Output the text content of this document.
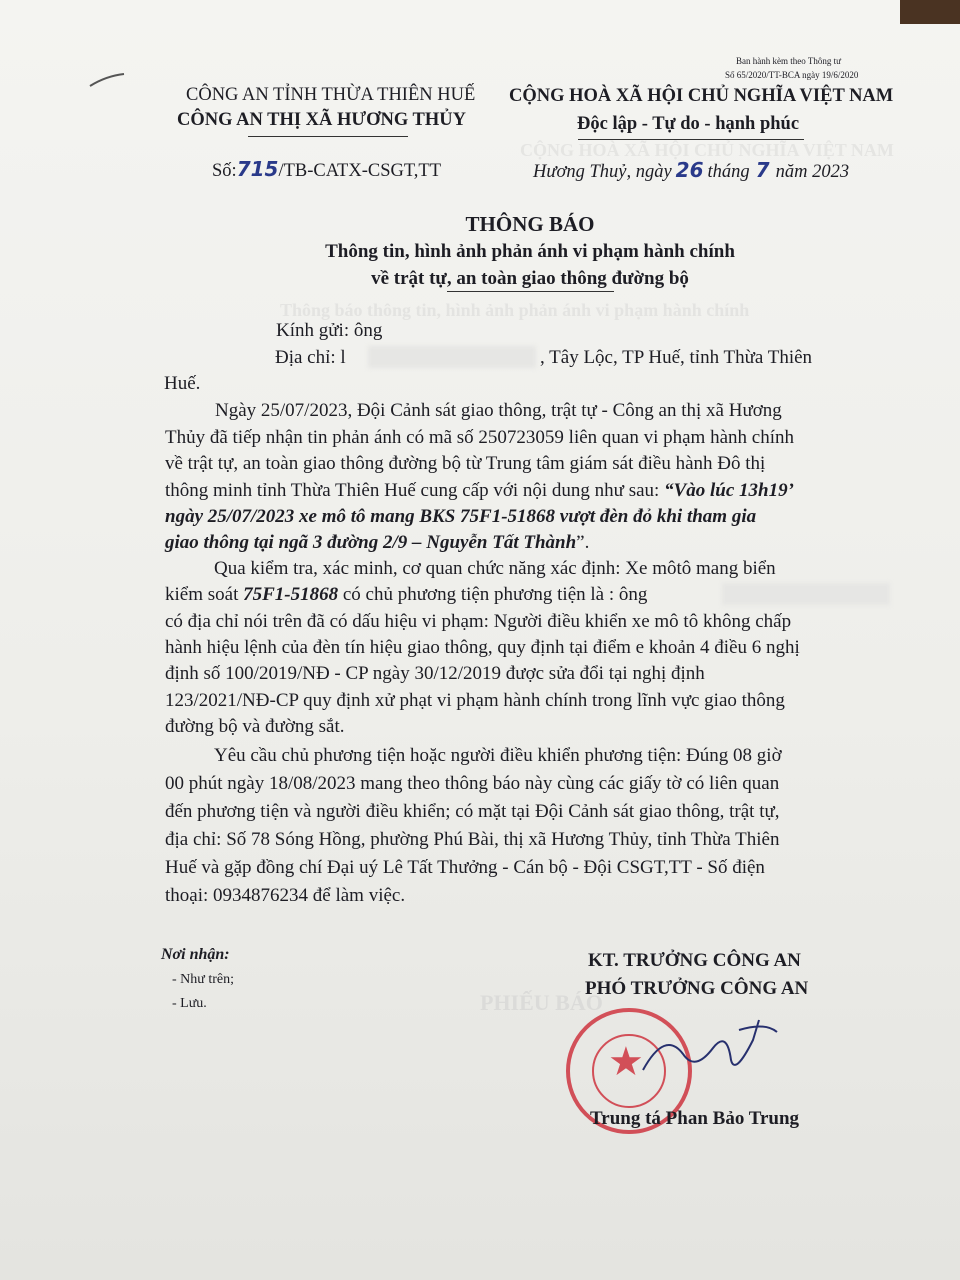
CỘNG HOÀ XÃ HỘI CHỦ NGHĨA VIỆT NAM
Thông báo thông tin, hình ảnh phản ánh vi phạm hành chính
PHIẾU BÁO
Ban hành kèm theo Thông tư
Số 65/2020/TT-BCA ngày 19/6/2020
CÔNG AN TỈNH THỪA THIÊN HUẾ
CÔNG AN THỊ XÃ HƯƠNG THỦY
Số:715/TB-CATX-CSGT,TT
CỘNG HOÀ XÃ HỘI CHỦ NGHĨA VIỆT NAM
Độc lập - Tự do - hạnh phúc
Hương Thuỷ, ngày 26 tháng 7 năm 2023
THÔNG BÁO
Thông tin, hình ảnh phản ánh vi phạm hành chính
về trật tự, an toàn giao thông đường bộ
Kính gửi: ông
Địa chỉ: l	, Tây Lộc, TP Huế, tỉnh Thừa Thiên
Huế.
Ngày 25/07/2023, Đội Cảnh sát giao thông, trật tự - Công an thị xã Hương
Thủy đã tiếp nhận tin phản ánh có mã số 250723059 liên quan vi phạm hành chính
về trật tự, an toàn giao thông đường bộ từ Trung tâm giám sát điều hành Đô thị
thông minh tỉnh Thừa Thiên Huế cung cấp với nội dung như sau: “Vào lúc 13h19’
ngày 25/07/2023 xe mô tô mang BKS 75F1-51868 vượt đèn đỏ khi tham gia
giao thông tại ngã 3 đường 2/9 – Nguyễn Tất Thành”.
Qua kiểm tra, xác minh, cơ quan chức năng xác định: Xe môtô mang biển
kiểm soát 75F1-51868 có chủ phương tiện phương tiện là : ông
có địa chỉ nói trên đã có dấu hiệu vi phạm: Người điều khiển xe mô tô không chấp
hành hiệu lệnh của đèn tín hiệu giao thông, quy định tại điểm e khoản 4 điều 6 nghị
định số 100/2019/NĐ - CP ngày 30/12/2019 được sửa đổi tại nghị định
123/2021/NĐ-CP quy định xử phạt vi phạm hành chính trong lĩnh vực giao thông
đường bộ và đường sắt.
Yêu cầu chủ phương tiện hoặc người điều khiển phương tiện: Đúng 08 giờ
00 phút ngày 18/08/2023 mang theo thông báo này cùng các giấy tờ có liên quan
đến phương tiện và người điều khiển; có mặt tại Đội Cảnh sát giao thông, trật tự,
địa chỉ: Số 78 Sóng Hồng, phường Phú Bài, thị xã Hương Thủy, tỉnh Thừa Thiên
Huế và gặp đồng chí Đại uý Lê Tất Thưởng - Cán bộ - Đội CSGT,TT - Số điện
thoại: 0934876234 để làm việc.
Nơi nhận:
- Như trên;
- Lưu.
KT. TRƯỞNG CÔNG AN
PHÓ TRƯỞNG CÔNG AN
★
Trung tá Phan Bảo Trung
